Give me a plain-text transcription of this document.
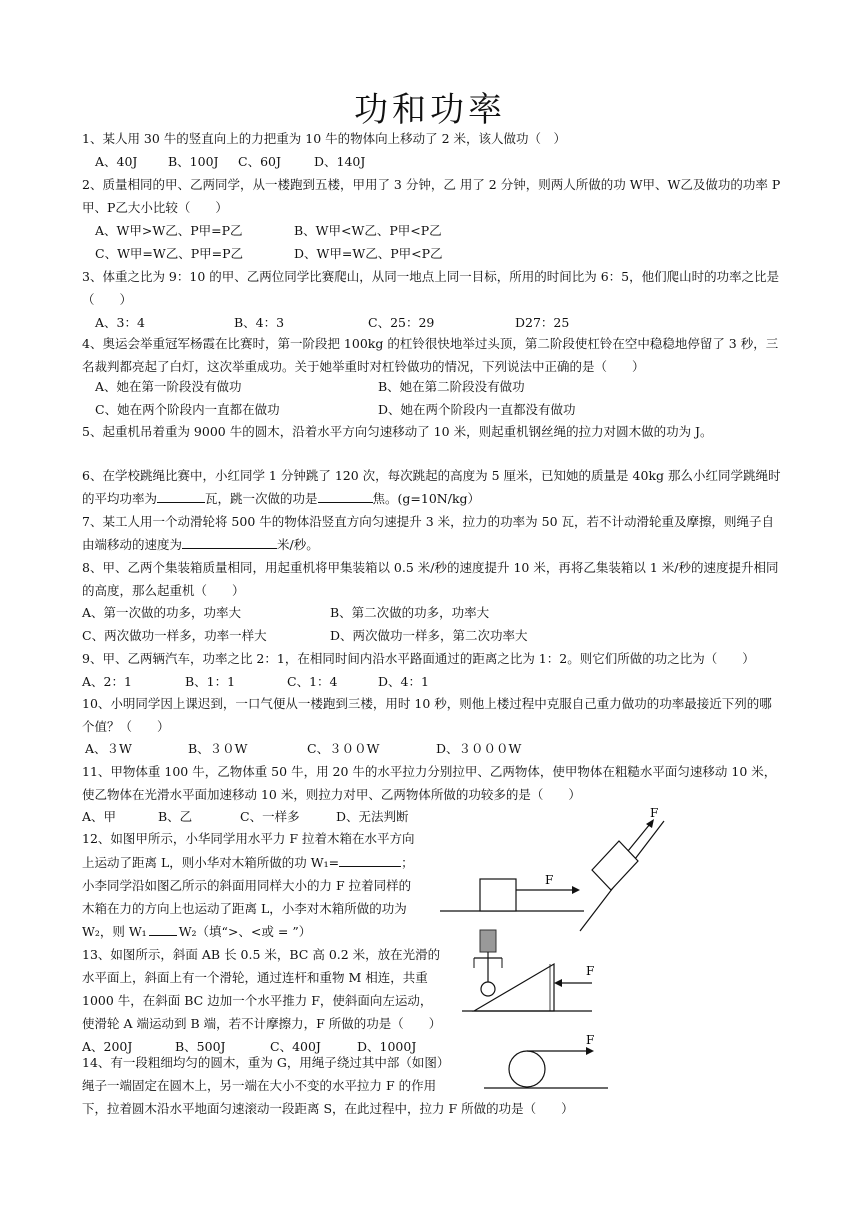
功和功率

1、某人用 30 牛的竖直向上的力把重为 10 牛的物体向上移动了 2 米，该人做功（　）

A、40J B、100J C、60J	D、140J

2、质量相同的甲、乙两同学，从一楼跑到五楼，甲用了 3 分钟，乙 用了 2 分钟，则两人所做的功 W甲、W乙及做功的功率 P甲、P乙大小比较（　　）

A、W甲>W乙、P甲=P乙	B、W甲<W乙、P甲<P乙
C、W甲=W乙、P甲=P乙	D、W甲=W乙、P甲<P乙

3、体重之比为 9：10 的甲、乙两位同学比赛爬山，从同一地点上同一目标，所用的时间比为 6：5，他们爬山时的功率之比是（　　）

A、3：4	B、4：3	C、25：29	D27：25

4、奥运会举重冠军杨霞在比赛时，第一阶段把 100kg 的杠铃很快地举过头顶，第二阶段使杠铃在空中稳稳地停留了 3 秒，三名裁判都亮起了白灯，这次举重成功。关于她举重时对杠铃做功的情况，下列说法中正确的是（　　）

A、她在第一阶段没有做功	B、她在第二阶段没有做功
C、她在两个阶段内一直都在做功	D、她在两个阶段内一直都没有做功

5、起重机吊着重为 9000 牛的圆木，沿着水平方向匀速移动了 10 米，则起重机钢丝绳的拉力对圆木做的功为 J。

6、在学校跳绳比赛中，小红同学 1 分钟跳了 120 次，每次跳起的高度为 5 厘米，已知她的质量是 40kg 那么小红同学跳绳时的平均功率为	瓦，跳一次做的功是	焦。(g=10N/kg）

7、某工人用一个动滑轮将 500 牛的物体沿竖直方向匀速提升 3 米，拉力的功率为 50 瓦，若不计动滑轮重及摩擦，则绳子自由端移动的速度为	米/秒。

8、甲、乙两个集装箱质量相同，用起重机将甲集装箱以 0.5 米/秒的速度提升 10 米，再将乙集装箱以 1 米/秒的速度提升相同的高度，那么起重机（　　）

A、第一次做的功多，功率大	B、第二次做的功多，功率大
C、两次做功一样多，功率一样大	D、两次做功一样多，第二次功率大

9、甲、乙两辆汽车，功率之比 2：1，在相同时间内沿水平路面通过的距离之比为 1：2。则它们所做的功之比为（　　）

A、2：1	B、1：1	C、1：4	D、4：1

10、小明同学因上课迟到，一口气便从一楼跑到三楼，用时 10 秒，则他上楼过程中克服自己重力做功的功率最接近下列的哪个值？（　　）

A、３W	B、３０W	C、３００W	D、３０００W

11、甲物体重 100 牛，乙物体重 50 牛，用 20 牛的水平拉力分别拉甲、乙两物体，使甲物体在粗糙水平面匀速移动 10 米，使乙物体在光滑水平面加速移动 10 米，则拉力对甲、乙两物体所做的功较多的是（　　）

A、甲	B、乙	C、一样多	D、无法判断
12、如图甲所示，小华同学用水平力 F 拉着木箱在水平方向
上运动了距离 L，则小华对木箱所做的功 W₁=	；
小李同学沿如图乙所示的斜面用同样大小的力 F 拉着同样的
木箱在力的方向上也运动了距离 L，小李对木箱所做的功为
W₂，则 W₁	W₂（填“>、<或 = ”）
F
F
13、如图所示，斜面 AB 长 0.5 米，BC 高 0.2 米，放在光滑的
水平面上，斜面上有一个滑轮，通过连杆和重物 M 相连，共重
1000 牛，在斜面 BC 边加一个水平推力 F，使斜面向左运动，
使滑轮 A 端运动到 B 端，若不计摩擦力，F 所做的功是（　　）
A、200J	B、500J	C、400J	D、1000J
F
14、有一段粗细均匀的圆木，重为 G，用绳子绕过其中部（如图）
绳子一端固定在圆木上，另一端在大小不变的水平拉力 F 的作用
下，拉着圆木沿水平地面匀速滚动一段距离 S，在此过程中，拉力 F 所做的功是（　　）
F
